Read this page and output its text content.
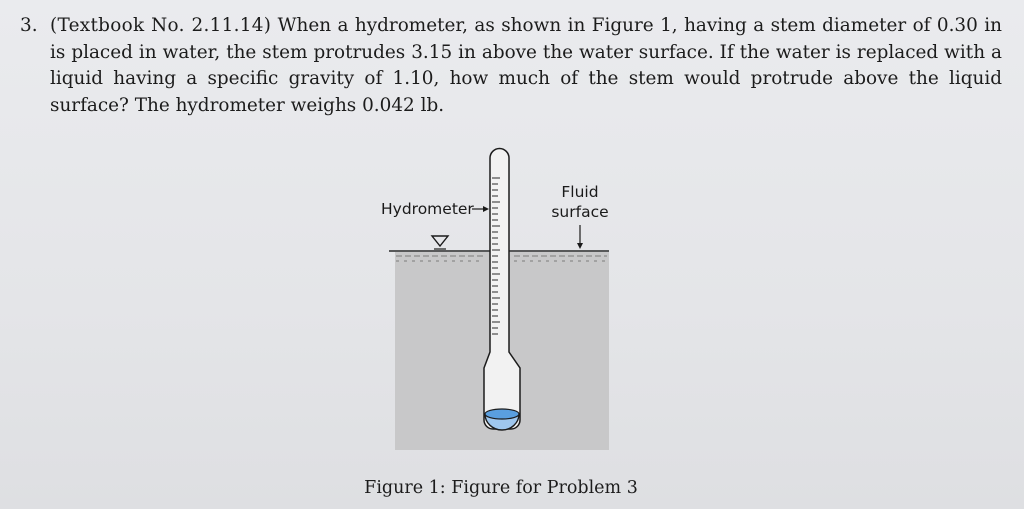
3. (Textbook No. 2.11.14) When a hydrometer, as shown in Figure 1, having a stem diameter of 0.30 in is placed in water, the stem protrudes 3.15 in above the water surface. If the water is replaced with a liquid having a specific gravity of 1.10, how much of the stem would protrude above the liquid surface? The hydrometer weighs 0.042 lb.
Hydrometer
Fluid
surface
Figure 1: Figure for Problem 3
